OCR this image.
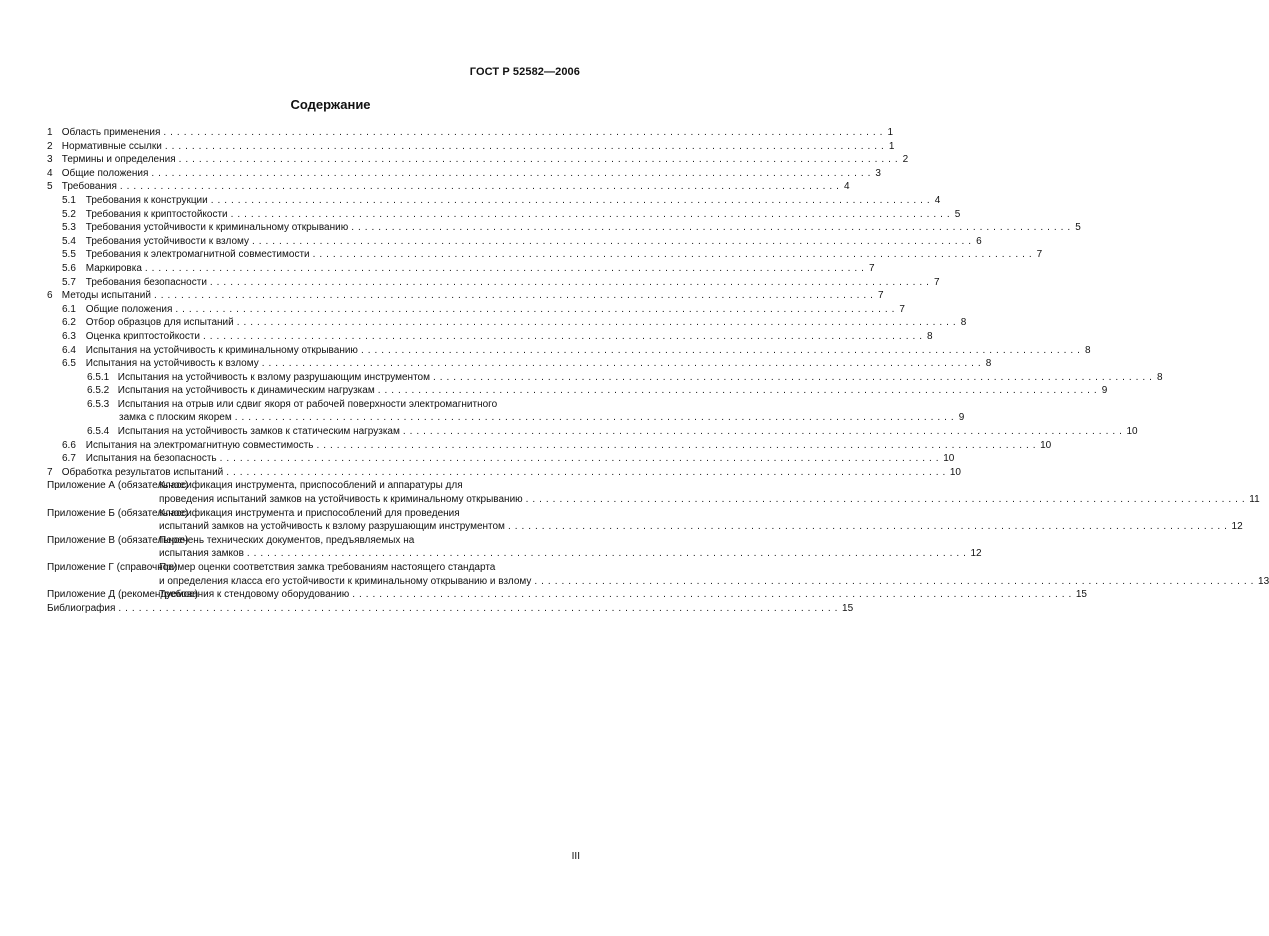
ГОСТ Р 52582—2006
Содержание
1 Область применения . . .	1
2 Нормативные ссылки . . .	1
3 Термины и определения . . .	2
4 Общие положения . . .	3
5 Требования . . .	4
5.1 Требования к конструкции . . .	4
5.2 Требования к криптостойкости . . .	5
5.3 Требования устойчивости к криминальному открыванию . . .	5
5.4 Требования устойчивости к взлому . . .	6
5.5 Требования к электромагнитной совместимости . . .	7
5.6 Маркировка . . .	7
5.7 Требования безопасности . . .	7
6 Методы испытаний . . .	7
6.1 Общие положения . . .	7
6.2 Отбор образцов для испытаний . . .	8
6.3 Оценка криптостойкости . . .	8
6.4 Испытания на устойчивость к криминальному открыванию . . .	8
6.5 Испытания на устойчивость к взлому . . .	8
6.5.1 Испытания на устойчивость к взлому разрушающим инструментом . . .	8
6.5.2 Испытания на устойчивость к динамическим нагрузкам . . .	9
6.5.3 Испытания на отрыв или сдвиг якоря от рабочей поверхности электромагнитного
замка с плоским якорем . . .	9
6.5.4 Испытания на устойчивость замков к статическим нагрузкам . . .	10
6.6 Испытания на электромагнитную совместимость . . .	10
6.7 Испытания на безопасность . . .	10
7 Обработка результатов испытаний . . .	10
Приложение А (обязательное)
Классификация инструмента, приспособлений и аппаратуры для
проведения испытаний замков на устойчивость к криминальному открыванию . . .	11
Приложение Б (обязательное)
Классификация инструмента и приспособлений для проведения
испытаний замков на устойчивость к взлому разрушающим инструментом . . .	12
Приложение В (обязательное)
Перечень технических документов, предъявляемых на
испытания замков . . .	12
Приложение Г (справочное)
Пример оценки соответствия замка требованиям настоящего стандарта
и определения класса его устойчивости к криминальному открыванию и взлому . . .	13
Приложение Д (рекомендуемое)
Требования к стендовому оборудованию . . .	15
Библиография . . .	15
III
